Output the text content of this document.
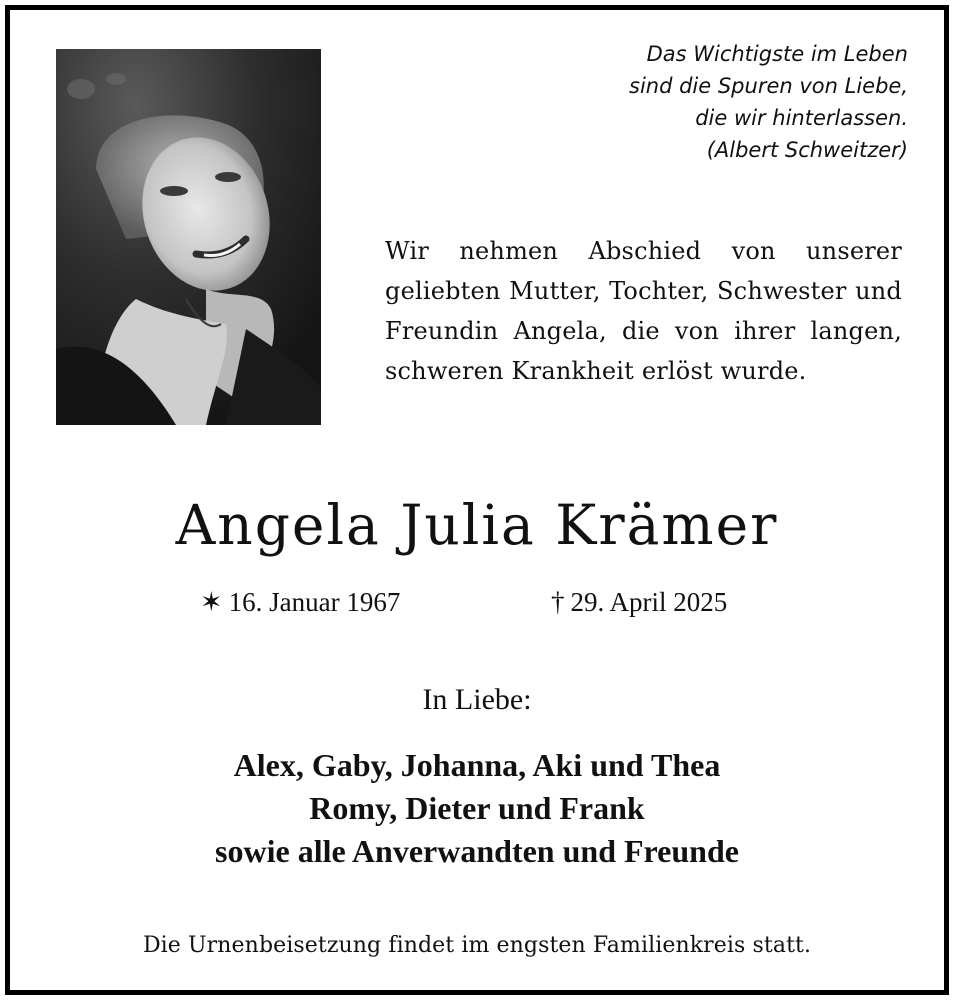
Das Wichtigste im Leben
sind die Spuren von Liebe,
die wir hinterlassen.
(Albert Schweitzer)
Wir nehmen Abschied von unserer geliebten Mutter, Tochter, Schwester und Freundin Angela, die von ihrer langen, schweren Krankheit erlöst wurde.
Angela Julia Krämer
✶ 16. Januar 1967	† 29. April 2025
In Liebe:
Alex, Gaby, Johanna, Aki und Thea
Romy, Dieter und Frank
sowie alle Anverwandten und Freunde
Die Urnenbeisetzung findet im engsten Familienkreis statt.
